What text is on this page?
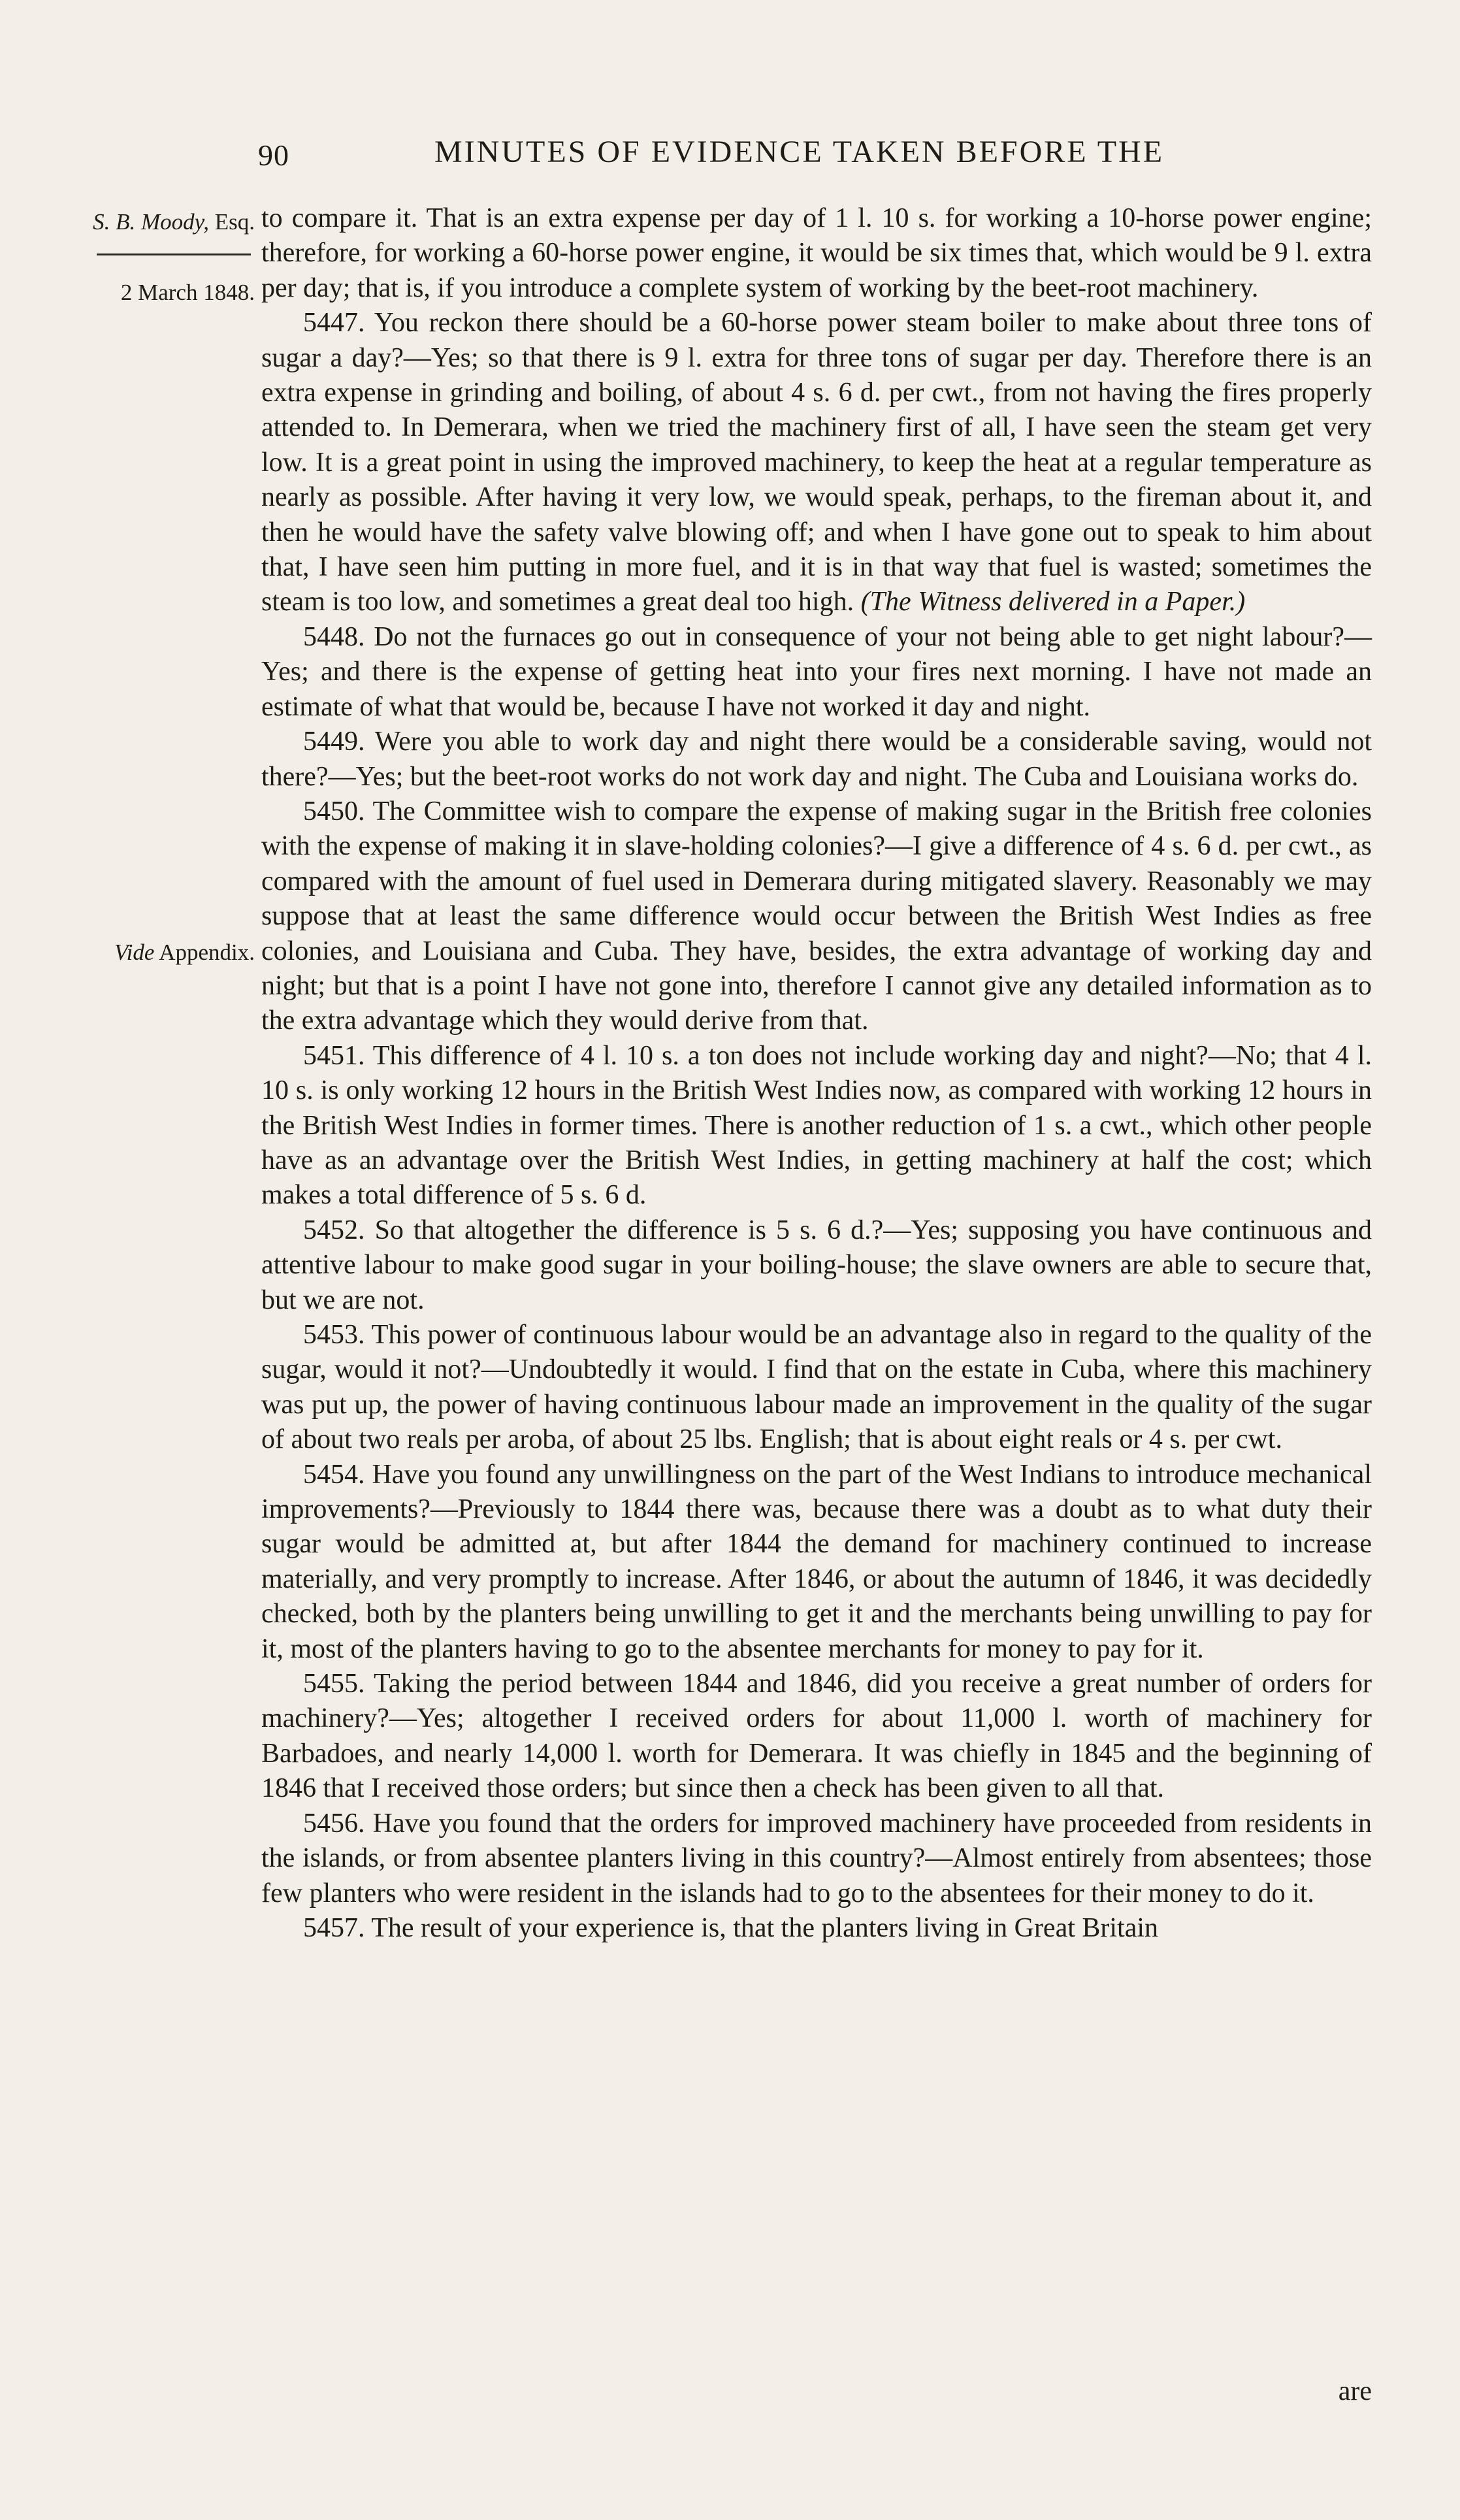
90	MINUTES OF EVIDENCE TAKEN BEFORE THE
S. B. Moody, Esq.
2 March 1848.
Vide Appendix.

to compare it. That is an extra expense per day of 1 l. 10 s. for working a 10-horse power engine; therefore, for working a 60-horse power engine, it would be six times that, which would be 9 l. extra per day; that is, if you introduce a complete system of working by the beet-root machinery.

5447. You reckon there should be a 60-horse power steam boiler to make about three tons of sugar a day?—Yes; so that there is 9 l. extra for three tons of sugar per day. Therefore there is an extra expense in grinding and boiling, of about 4 s. 6 d. per cwt., from not having the fires properly attended to. In Demerara, when we tried the machinery first of all, I have seen the steam get very low. It is a great point in using the improved machinery, to keep the heat at a regular temperature as nearly as possible. After having it very low, we would speak, perhaps, to the fireman about it, and then he would have the safety valve blowing off; and when I have gone out to speak to him about that, I have seen him putting in more fuel, and it is in that way that fuel is wasted; sometimes the steam is too low, and sometimes a great deal too high. (The Witness delivered in a Paper.)

5448. Do not the furnaces go out in consequence of your not being able to get night labour?—Yes; and there is the expense of getting heat into your fires next morning. I have not made an estimate of what that would be, because I have not worked it day and night.

5449. Were you able to work day and night there would be a considerable saving, would not there?—Yes; but the beet-root works do not work day and night. The Cuba and Louisiana works do.

5450. The Committee wish to compare the expense of making sugar in the British free colonies with the expense of making it in slave-holding colonies?—I give a difference of 4 s. 6 d. per cwt., as compared with the amount of fuel used in Demerara during mitigated slavery. Reasonably we may suppose that at least the same difference would occur between the British West Indies as free colonies, and Louisiana and Cuba. They have, besides, the extra advantage of working day and night; but that is a point I have not gone into, therefore I cannot give any detailed information as to the extra advantage which they would derive from that.

5451. This difference of 4 l. 10 s. a ton does not include working day and night?—No; that 4 l. 10 s. is only working 12 hours in the British West Indies now, as compared with working 12 hours in the British West Indies in former times. There is another reduction of 1 s. a cwt., which other people have as an advantage over the British West Indies, in getting machinery at half the cost; which makes a total difference of 5 s. 6 d.

5452. So that altogether the difference is 5 s. 6 d.?—Yes; supposing you have continuous and attentive labour to make good sugar in your boiling-house; the slave owners are able to secure that, but we are not.

5453. This power of continuous labour would be an advantage also in regard to the quality of the sugar, would it not?—Undoubtedly it would. I find that on the estate in Cuba, where this machinery was put up, the power of having continuous labour made an improvement in the quality of the sugar of about two reals per aroba, of about 25 lbs. English; that is about eight reals or 4 s. per cwt.

5454. Have you found any unwillingness on the part of the West Indians to introduce mechanical improvements?—Previously to 1844 there was, because there was a doubt as to what duty their sugar would be admitted at, but after 1844 the demand for machinery continued to increase materially, and very promptly to increase. After 1846, or about the autumn of 1846, it was decidedly checked, both by the planters being unwilling to get it and the merchants being unwilling to pay for it, most of the planters having to go to the absentee merchants for money to pay for it.

5455. Taking the period between 1844 and 1846, did you receive a great number of orders for machinery?—Yes; altogether I received orders for about 11,000 l. worth of machinery for Barbadoes, and nearly 14,000 l. worth for Demerara. It was chiefly in 1845 and the beginning of 1846 that I received those orders; but since then a check has been given to all that.

5456. Have you found that the orders for improved machinery have proceeded from residents in the islands, or from absentee planters living in this country?—Almost entirely from absentees; those few planters who were resident in the islands had to go to the absentees for their money to do it.

5457. The result of your experience is, that the planters living in Great Britain

are
